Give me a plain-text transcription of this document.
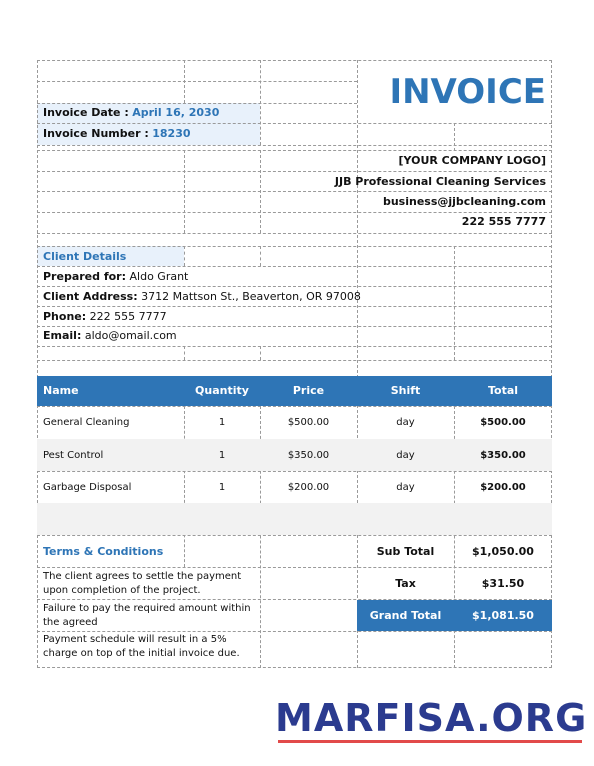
INVOICE
Invoice Date : April 16, 2030
Invoice Number : 18230
[YOUR COMPANY LOGO]
JJB Professional Cleaning Services
business@jjbcleaning.com
222 555 7777
Client Details
Prepared for: Aldo Grant
Client Address: 3712 Mattson St., Beaverton, OR 97008
Phone: 222 555 7777
Email: aldo@omail.com
Name	Quantity	Price	Shift	Total
General Cleaning	1	$500.00	day	$500.00
Pest Control	1	$350.00	day	$350.00
Garbage Disposal	1	$200.00	day	$200.00
Terms & Conditions
The client agrees to settle the payment upon completion of the project.
Failure to pay the required amount within the agreed
Payment schedule will result in a 5% charge on top of the initial invoice due.
Sub Total	$1,050.00
Tax	$31.50
Grand Total	$1,081.50
MARFISA.ORG
